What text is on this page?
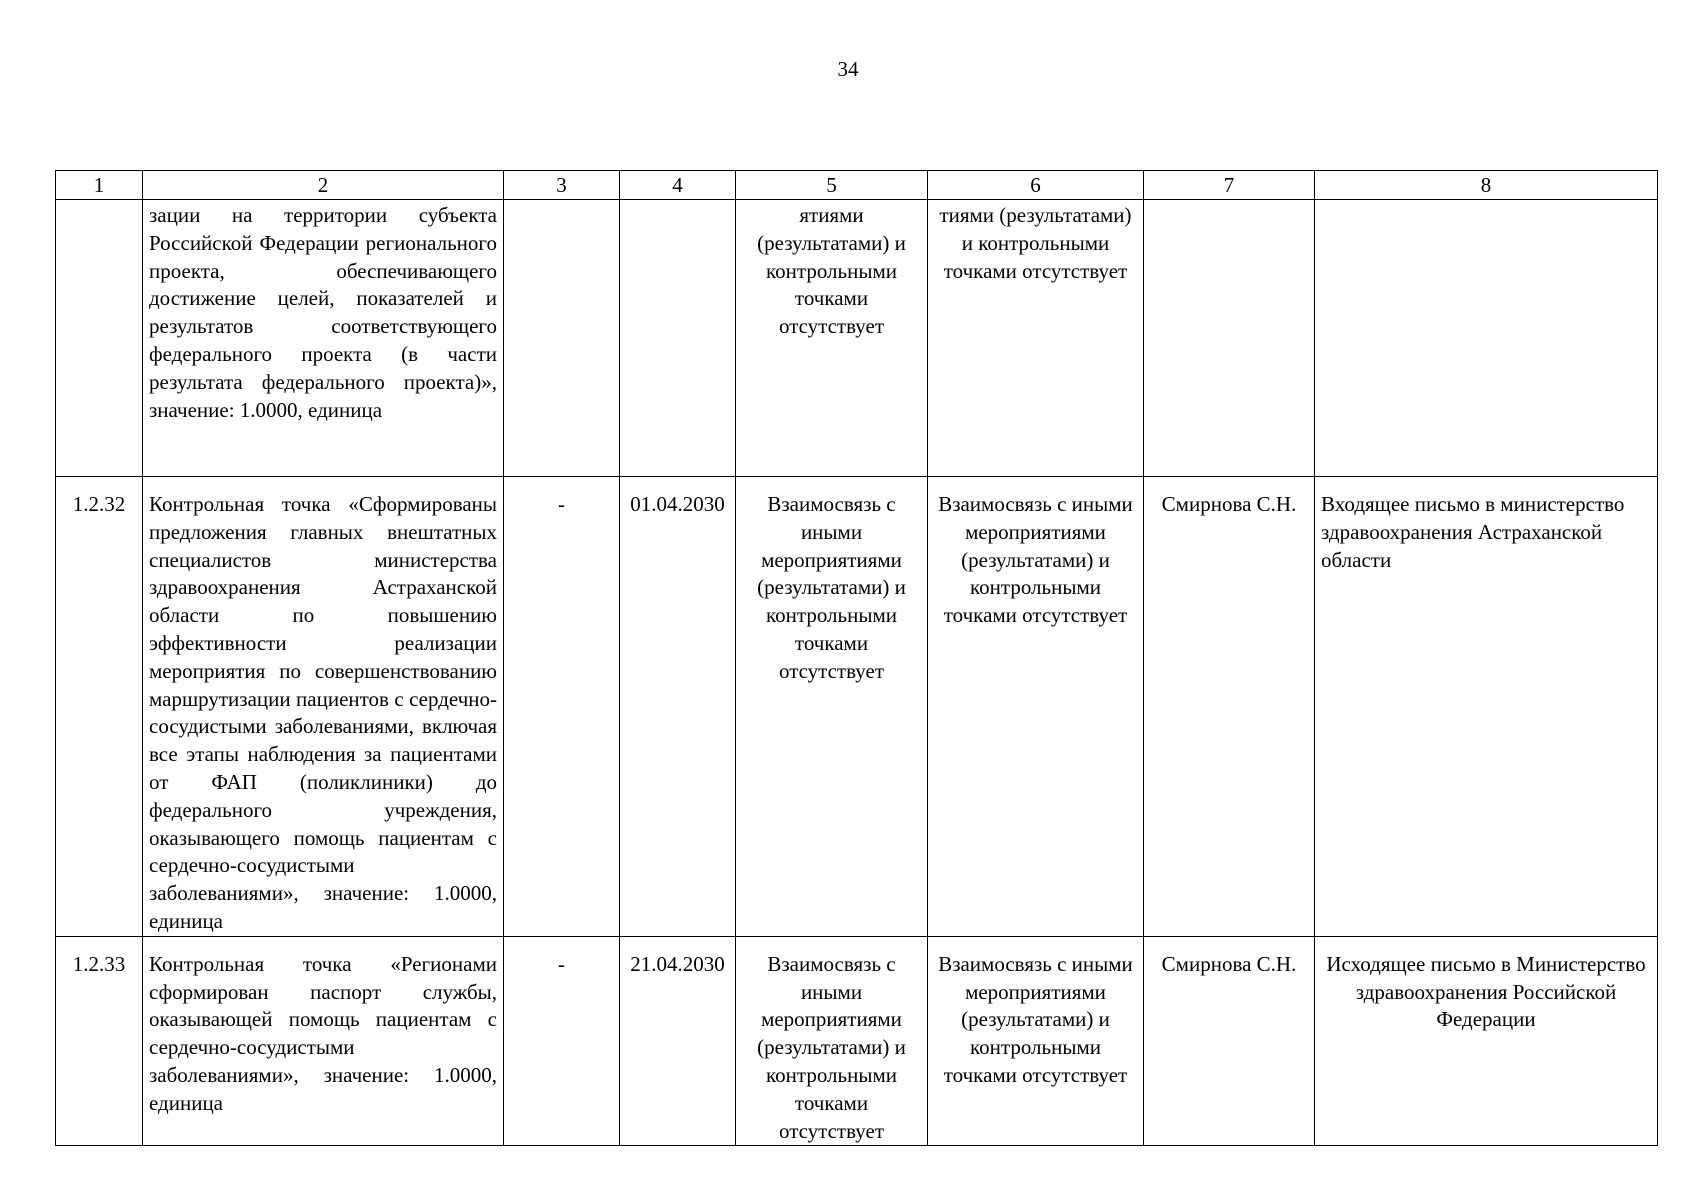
34
1	2	3	4	5	6	7	8
	зации на территории субъекта Российской Федерации регионального проекта, обеспечивающего достижение целей, показателей и результатов соответствующего федерального проекта (в части результата федерального проекта)», значение: 1.0000, единица			ятиями (результатами) и контрольными точками отсутствует	тиями (результатами) и контрольными точками отсутствует		
1.2.32	Контрольная точка «Сформированы предложения главных внештатных специалистов министерства здравоохранения Астраханской области по повышению эффективности реализации мероприятия по совершенствованию маршрутизации пациентов с сердечно-сосудистыми заболеваниями, включая все этапы наблюдения за пациентами от ФАП (поликлиники) до федерального учреждения, оказывающего помощь пациентам с сердечно-сосудистыми заболеваниями», значение: 1.0000, единица	-	01.04.2030	Взаимосвязь с иными мероприятиями (результатами) и контрольными точками отсутствует	Взаимосвязь с иными мероприятиями (результатами) и контрольными точками отсутствует	Смирнова С.Н.	Входящее письмо в министерство здравоохранения Астраханской области
1.2.33	Контрольная точка «Регионами сформирован паспорт службы, оказывающей помощь пациентам с сердечно-сосудистыми заболеваниями», значение: 1.0000, единица	-	21.04.2030	Взаимосвязь с иными мероприятиями (результатами) и контрольными точками отсутствует	Взаимосвязь с иными мероприятиями (результатами) и контрольными точками отсутствует	Смирнова С.Н.	Исходящее письмо в Министерство здравоохранения Российской Федерации
